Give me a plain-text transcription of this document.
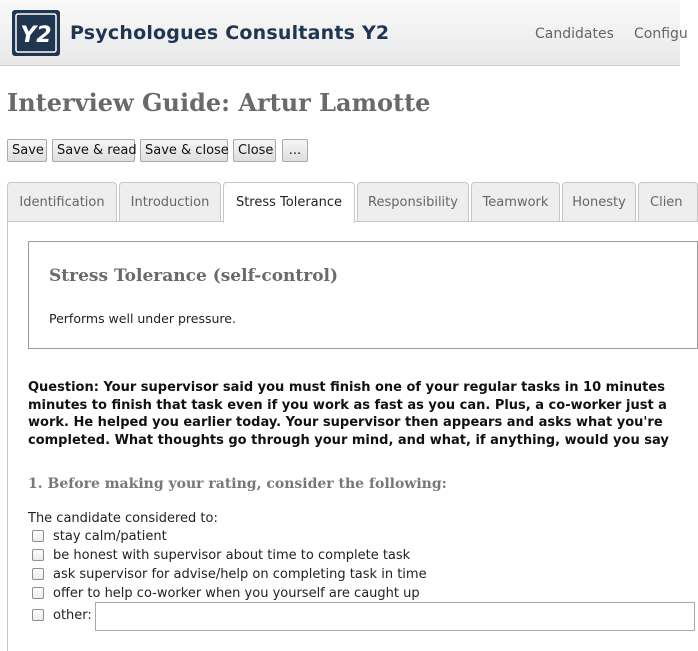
Y2 Psychologues Consultants Y2	Candidates Configu
Interview Guide: Artur Lamotte
Save	Save & read Save & close Close	...
Identification	Introduction	Stress Tolerance	Responsibility	Teamwork	Honesty	Clien
Stress Tolerance (self-control)
Performs well under pressure.
Question: Your supervisor said you must finish one of your regular tasks in 10 minutes
minutes to finish that task even if you work as fast as you can. Plus, a co-worker just a
work. He helped you earlier today. Your supervisor then appears and asks what you're
completed. What thoughts go through your mind, and what, if anything, would you say
1. Before making your rating, consider the following:
The candidate considered to:
stay calm/patient
be honest with supervisor about time to complete task
ask supervisor for advise/help on completing task in time
offer to help co-worker when you yourself are caught up
other:
